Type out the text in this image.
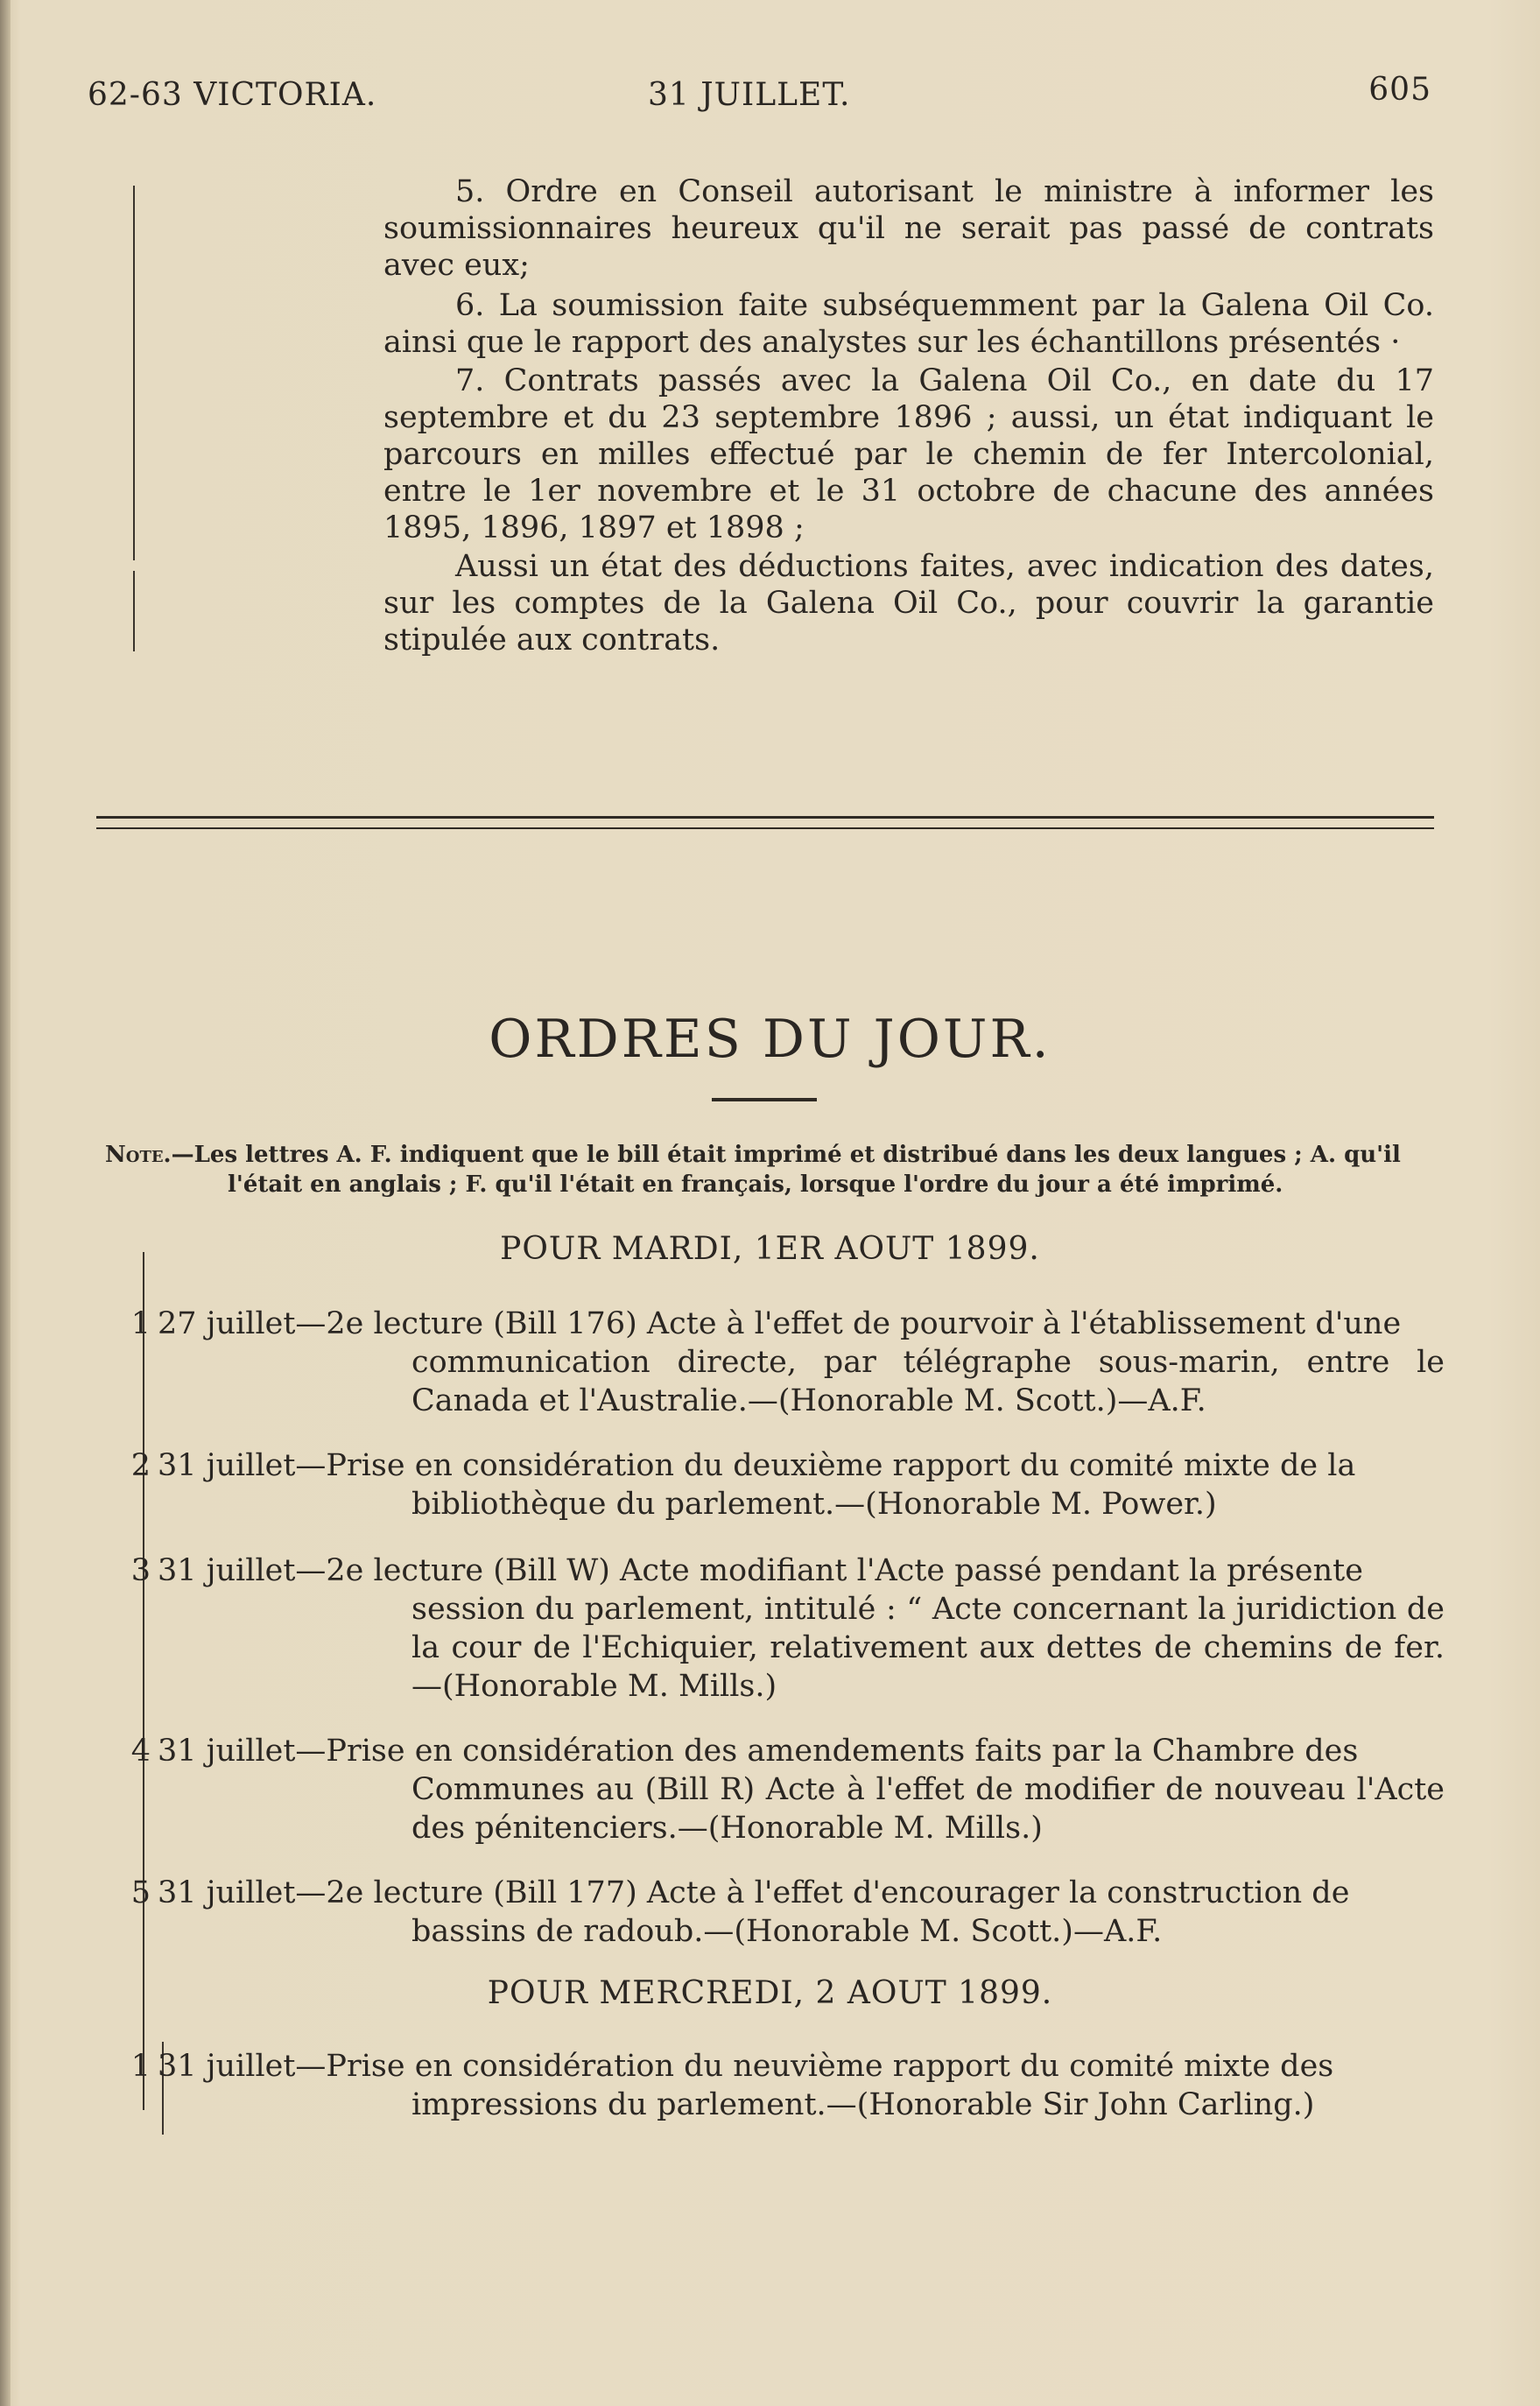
62-63 VICTORIA.	31 JUILLET.	605

5. Ordre en Conseil autorisant le ministre à informer les soumissionnaires heureux qu'il ne serait pas passé de contrats avec eux;

6. La soumission faite subséquemment par la Galena Oil Co. ainsi que le rapport des analystes sur les échantillons présentés ·

7. Contrats passés avec la Galena Oil Co., en date du 17 septembre et du 23 septembre 1896 ; aussi, un état indiquant le parcours en milles effectué par le chemin de fer Intercolonial, entre le 1er novembre et le 31 octobre de chacune des années 1895, 1896, 1897 et 1898 ;

Aussi un état des déductions faites, avec indication des dates, sur les comptes de la Galena Oil Co., pour couvrir la garantie stipulée aux contrats.

ORDRES DU JOUR.
Note.—Les lettres A. F. indiquent que le bill était imprimé et distribué dans les deux langues ; A. qu'il
l'était en anglais ; F. qu'il l'était en français, lorsque l'ordre du jour a été imprimé.
POUR MARDI, 1ER AOUT 1899.
1 27 juillet—2e lecture (Bill 176) Acte à l'effet de pourvoir à l'établissement d'une
communication directe, par télégraphe sous-marin, entre le Canada et l'Australie.—(Honorable M. Scott.)—A.F.
2 31 juillet—Prise en considération du deuxième rapport du comité mixte de la
bibliothèque du parlement.—(Honorable M. Power.)
3 31 juillet—2e lecture (Bill W) Acte modifiant l'Acte passé pendant la présente
session du parlement, intitulé : “ Acte concernant la juridiction de la cour de l'Echiquier, relativement aux dettes de chemins de fer.—(Honorable M. Mills.)
4 31 juillet—Prise en considération des amendements faits par la Chambre des
Communes au (Bill R) Acte à l'effet de modifier de nouveau l'Acte des pénitenciers.—(Honorable M. Mills.)
5 31 juillet—2e lecture (Bill 177) Acte à l'effet d'encourager la construction de
bassins de radoub.—(Honorable M. Scott.)—A.F.
POUR MERCREDI, 2 AOUT 1899.
1 31 juillet—Prise en considération du neuvième rapport du comité mixte des
impressions du parlement.—(Honorable Sir John Carling.)
